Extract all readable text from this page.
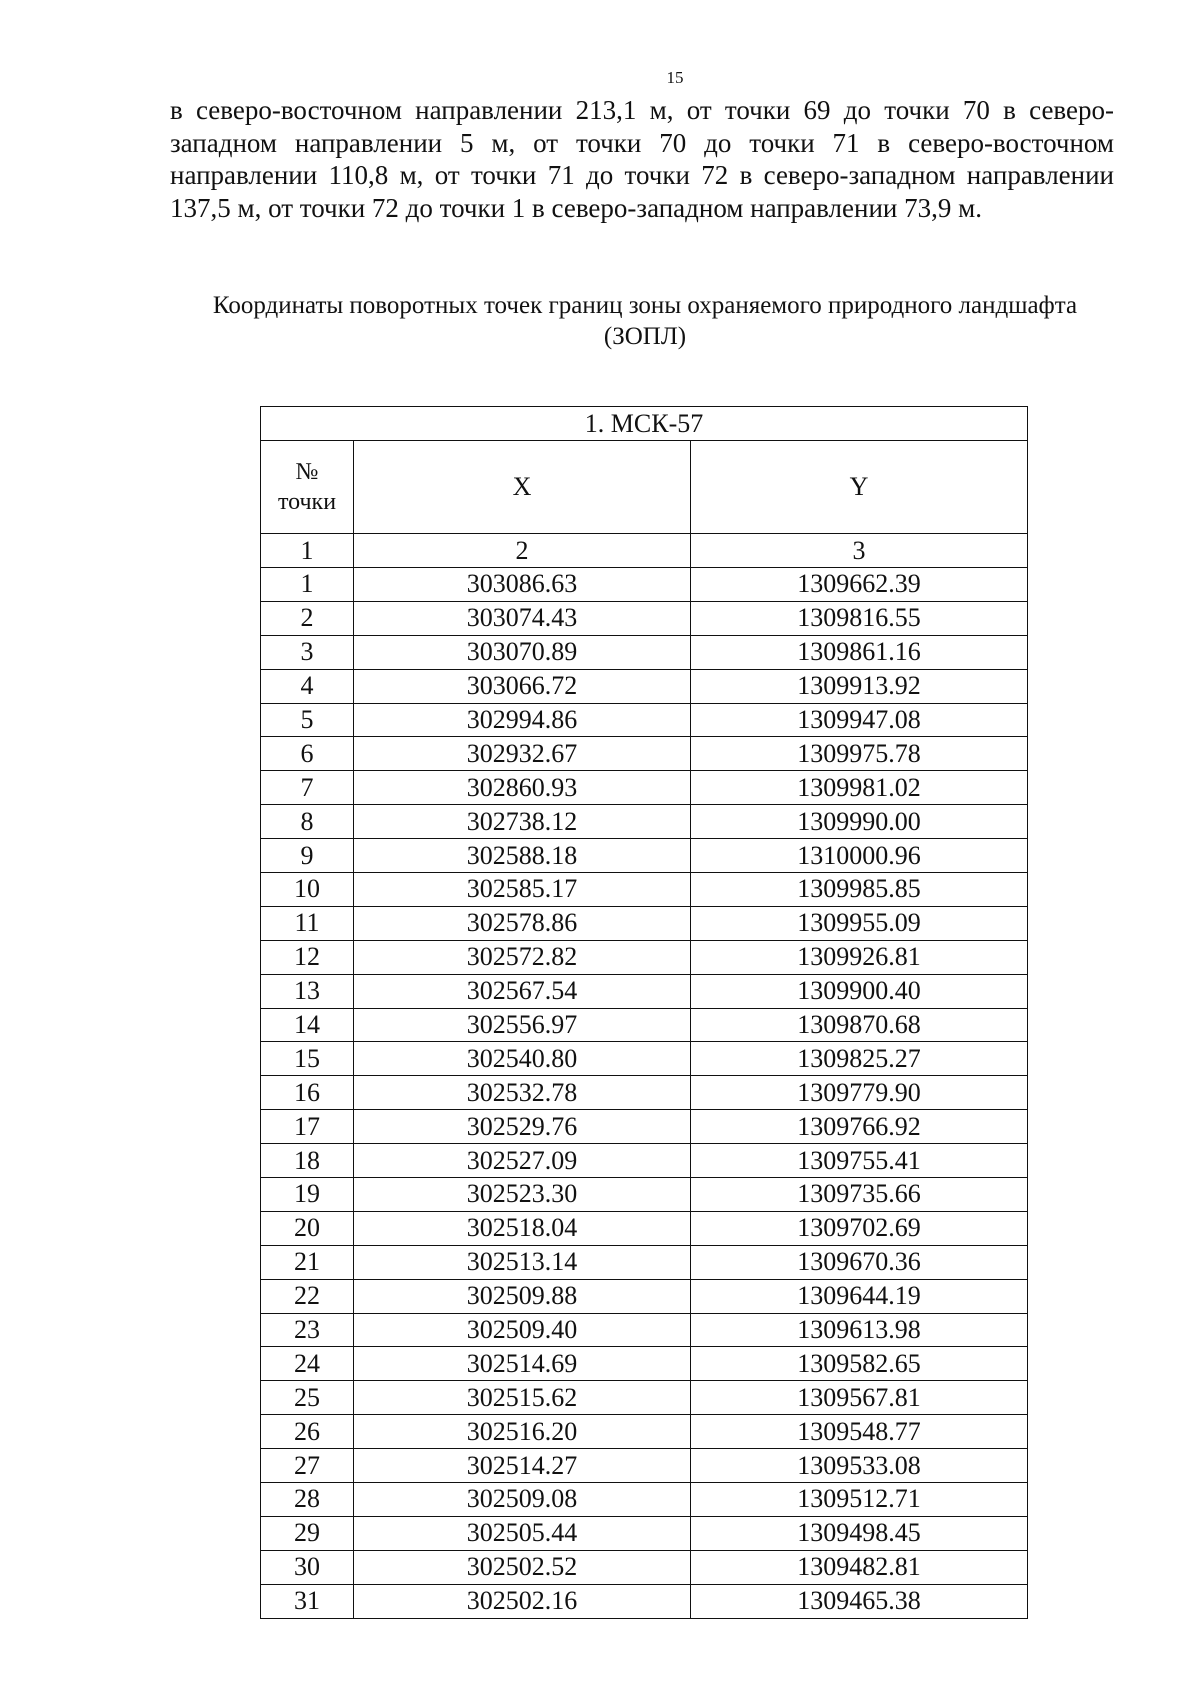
15

в северо-восточном направлении 213,1 м, от точки 69 до точки 70 в северо-западном направлении 5 м, от точки 70 до точки 71 в северо-восточном направлении 110,8 м, от точки 71 до точки 72 в северо-западном направлении 137,5 м, от точки 72 до точки 1 в северо-западном направлении 73,9 м.

Координаты поворотных точек границ зоны охраняемого природного ландшафта (ЗОПЛ)
1. МСК-57		
№
точки	X	Y
1	2	3
1	303086.63	1309662.39
2	303074.43	1309816.55
3	303070.89	1309861.16
4	303066.72	1309913.92
5	302994.86	1309947.08
6	302932.67	1309975.78
7	302860.93	1309981.02
8	302738.12	1309990.00
9	302588.18	1310000.96
10	302585.17	1309985.85
11	302578.86	1309955.09
12	302572.82	1309926.81
13	302567.54	1309900.40
14	302556.97	1309870.68
15	302540.80	1309825.27
16	302532.78	1309779.90
17	302529.76	1309766.92
18	302527.09	1309755.41
19	302523.30	1309735.66
20	302518.04	1309702.69
21	302513.14	1309670.36
22	302509.88	1309644.19
23	302509.40	1309613.98
24	302514.69	1309582.65
25	302515.62	1309567.81
26	302516.20	1309548.77
27	302514.27	1309533.08
28	302509.08	1309512.71
29	302505.44	1309498.45
30	302502.52	1309482.81
31	302502.16	1309465.38
